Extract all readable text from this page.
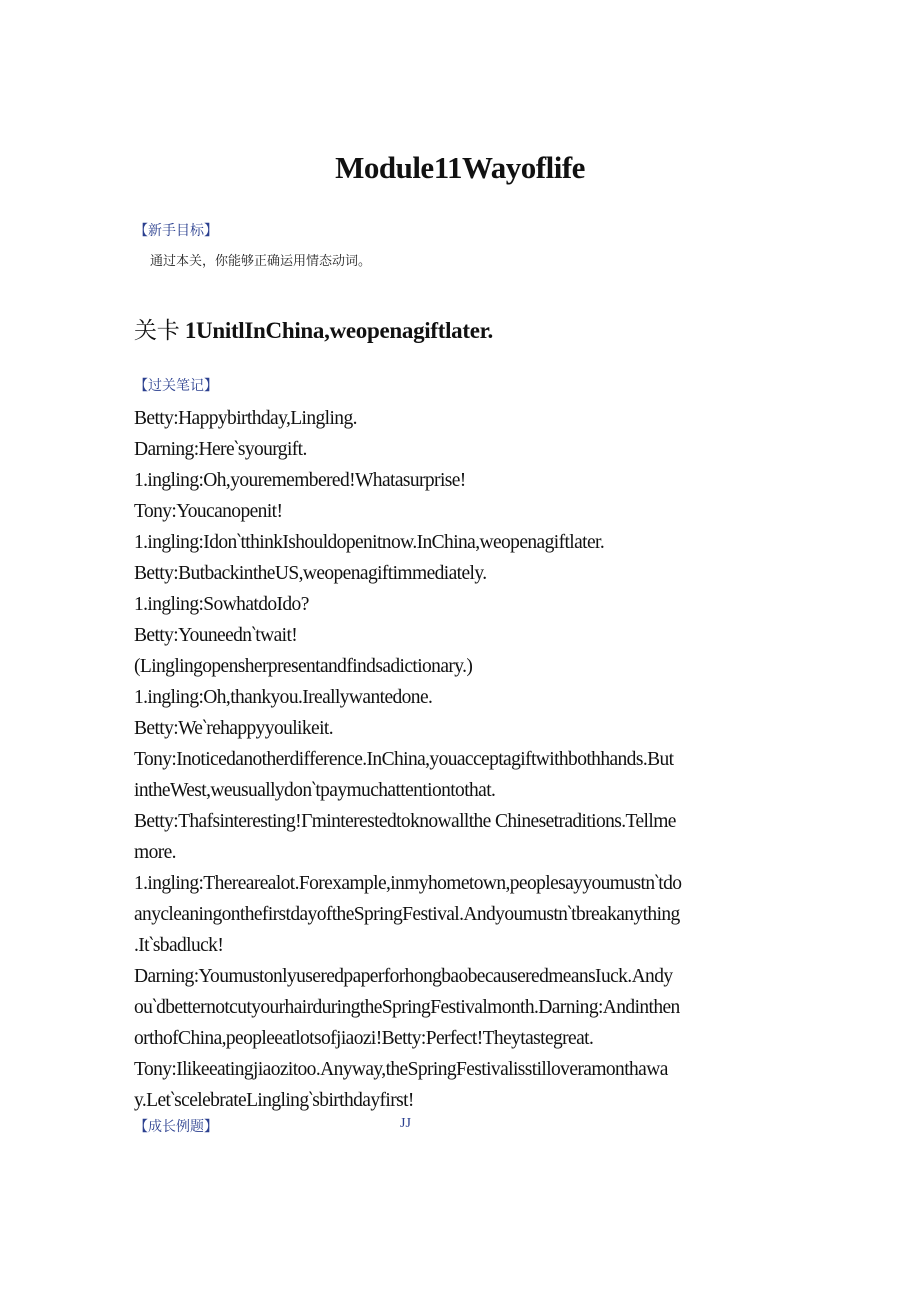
Module11Wayoflife
【新手目标】
通过本关，你能够正确运用情态动词。
关卡 1UnitlInChina,weopenagiftlater.
【过关笔记】
Betty:Happybirthday,Lingling.
Darning:Here‵syourgift.
1.ingling:Oh,youremembered!Whatasurprise!
Tony:Youcanopenit!
1.ingling:Idon‵tthinkIshouldopenitnow.InChina,weopenagiftlater.
Betty:ButbackintheUS,weopenagiftimmediately.
1.ingling:SowhatdoIdo?
Betty:Youneedn‵twait!
(Linglingopensherpresentandfindsadictionary.)
1.ingling:Oh,thankyou.Ireallywantedone.
Betty:We‵rehappyyoulikeit.
Tony:Inoticedanotherdifference.InChina,youacceptagiftwithbothhands.But
intheWest,weusuallydon‵tpaymuchattentiontothat.
Betty:Thafsinteresting!Γminterestedtoknowallthe Chinesetraditions.Tellme
more.
1.ingling:Therearealot.Forexample,inmyhometown,peoplesayyoumustn‵tdo
anycleaningonthefirstdayoftheSpringFestival.Andyoumustn‵tbreakanything
.It‵sbadluck!
Darning:YoumustonlyuseredpaperforhongbaobecauseredmeansIuck.Andy
ou‵dbetternotcutyourhairduringtheSpringFestivalmonth.Darning:Andinthen
orthofChina,peopleeatlotsofjiaozi!Betty:Perfect!Theytastegreat.
Tony:Ilikeeatingjiaozitoo.Anyway,theSpringFestivalisstilloveramonthawa
y.Let‵scelebrateLingling‵sbirthdayfirst!
【成长例题】	JJ
